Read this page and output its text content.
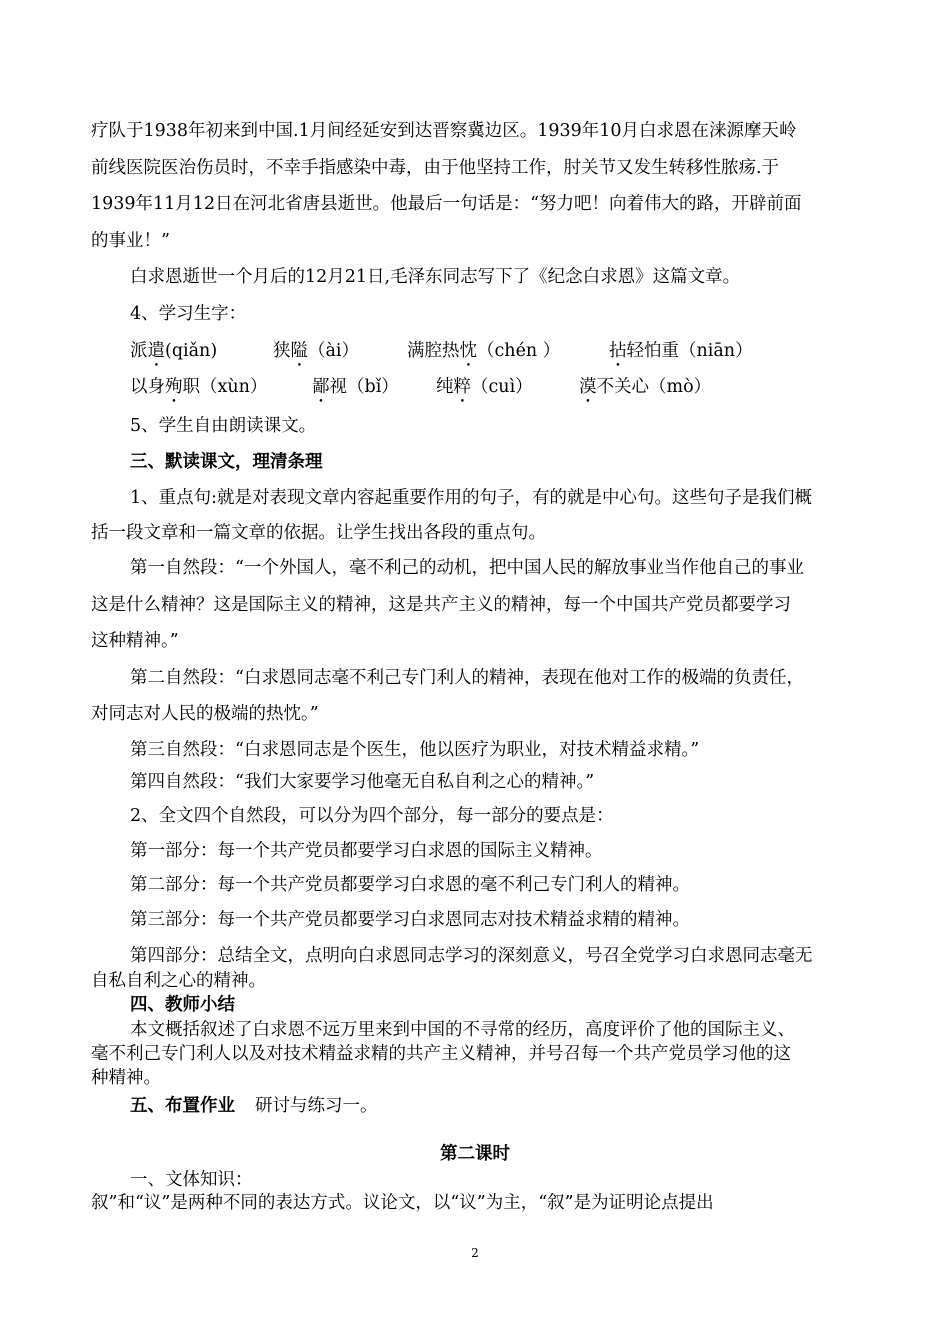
疗队于1938年初来到中国.1月间经延安到达晋察冀边区。1939年10月白求恩在涞源摩天岭
前线医院医治伤员时，不幸手指感染中毒，由于他坚持工作，肘关节又发生转移性脓疡.于
1939年11月12日在河北省唐县逝世。他最后一句话是：“努力吧！向着伟大的路，开辟前面
的事业！”
白求恩逝世一个月后的12月21日,毛泽东同志写下了《纪念白求恩》这篇文章。
4、学习生字：
派遣(qiǎn)	狭隘（ài）	满腔热忱（chén ）	拈轻怕重（niān）
以身殉职（xùn）	鄙视（bǐ） 纯粹（cuì）	漠不关心（mò）
5、学生自由朗读课文。
三、默读课文，理清条理
1、重点句:就是对表现文章内容起重要作用的句子，有的就是中心句。这些句子是我们概
括一段文章和一篇文章的依据。让学生找出各段的重点句。
第一自然段：“一个外国人，毫不利己的动机，把中国人民的解放事业当作他自己的事业
这是什么精神？这是国际主义的精神，这是共产主义的精神，每一个中国共产党员都要学习
这种精神。”
第二自然段：“白求恩同志毫不利己专门利人的精神，表现在他对工作的极端的负责任，
对同志对人民的极端的热忱。”
第三自然段：“白求恩同志是个医生，他以医疗为职业，对技术精益求精。”
第四自然段：“我们大家要学习他毫无自私自利之心的精神。”
2、全文四个自然段，可以分为四个部分，每一部分的要点是：
第一部分：每一个共产党员都要学习白求恩的国际主义精神。
第二部分：每一个共产党员都要学习白求恩的毫不利己专门利人的精神。
第三部分：每一个共产党员都要学习白求恩同志对技术精益求精的精神。
第四部分：总结全文，点明向白求恩同志学习的深刻意义，号召全党学习白求恩同志毫无
自私自利之心的精神。
四、教师小结
本文概括叙述了白求恩不远万里来到中国的不寻常的经历，高度评价了他的国际主义、
毫不利己专门利人以及对技术精益求精的共产主义精神，并号召每一个共产党员学习他的这
种精神。
五、布置作业 研讨与练习一。
第二课时
一、文体知识：
叙”和“议”是两种不同的表达方式。议论文，以“议”为主，“叙”是为证明论点提出
2
